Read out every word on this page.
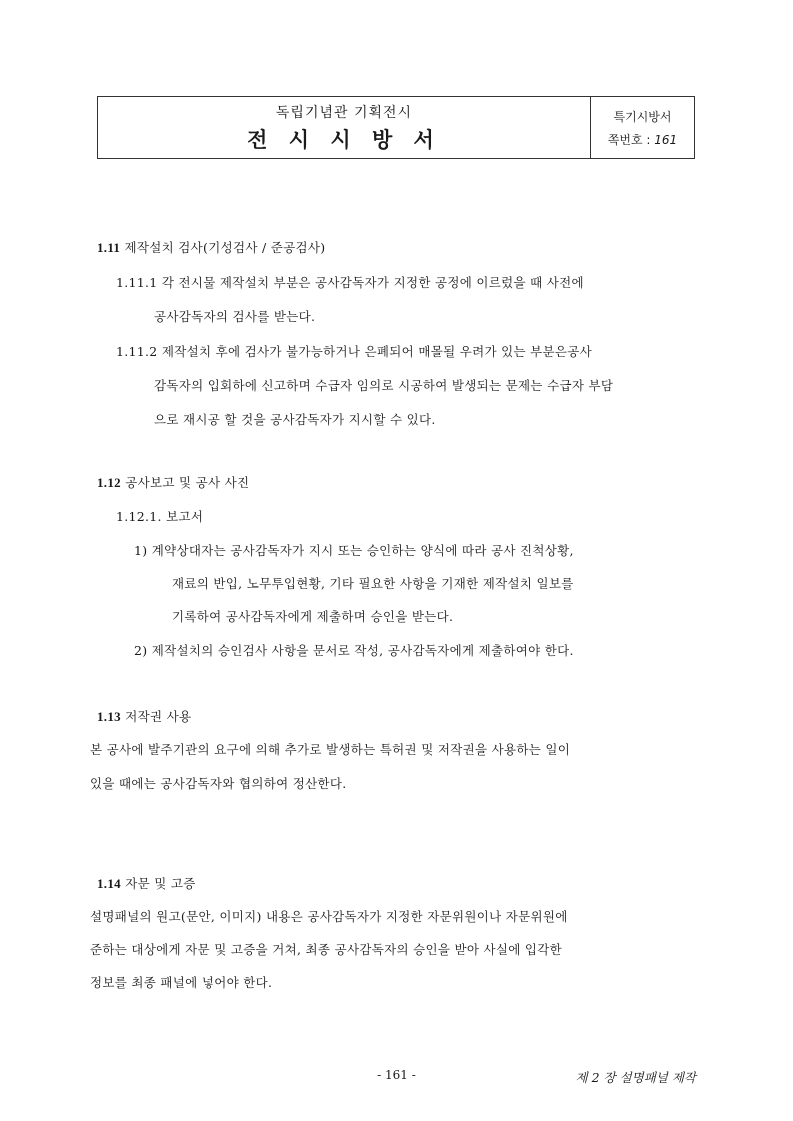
독립기념관 기획전시
전 시 시 방 서
특기시방서
쪽번호 : 161
1.11 제작설치 검사(기성검사 / 준공검사)
1.11.1 각 전시물 제작설치 부분은 공사감독자가 지정한 공정에 이르렀을 때 사전에
공사감독자의 검사를 받는다.
1.11.2 제작설치 후에 검사가 불가능하거나 은폐되어 매몰될 우려가 있는 부분은공사
감독자의 입회하에 신고하며 수급자 임의로 시공하여 발생되는 문제는 수급자 부담
으로 재시공 할 것을 공사감독자가 지시할 수 있다.
1.12 공사보고 및 공사 사진
1.12.1. 보고서
1) 계약상대자는 공사감독자가 지시 또는 승인하는 양식에 따라 공사 진척상황,
재료의 반입, 노무투입현황, 기타 필요한 사항을 기재한 제작설치 일보를
기록하여 공사감독자에게 제출하며 승인을 받는다.
2) 제작설치의 승인검사 사항을 문서로 작성, 공사감독자에게 제출하여야 한다.
1.13 저작권 사용
본 공사에 발주기관의 요구에 의해 추가로 발생하는 특허권 및 저작권을 사용하는 일이
있을 때에는 공사감독자와 협의하여 정산한다.
1.14 자문 및 고증
설명패널의 원고(문안, 이미지) 내용은 공사감독자가 지정한 자문위원이나 자문위원에
준하는 대상에게 자문 및 고증을 거쳐, 최종 공사감독자의 승인을 받아 사실에 입각한
정보를 최종 패널에 넣어야 한다.
- 161 -	제 2 장 설명패널 제작
